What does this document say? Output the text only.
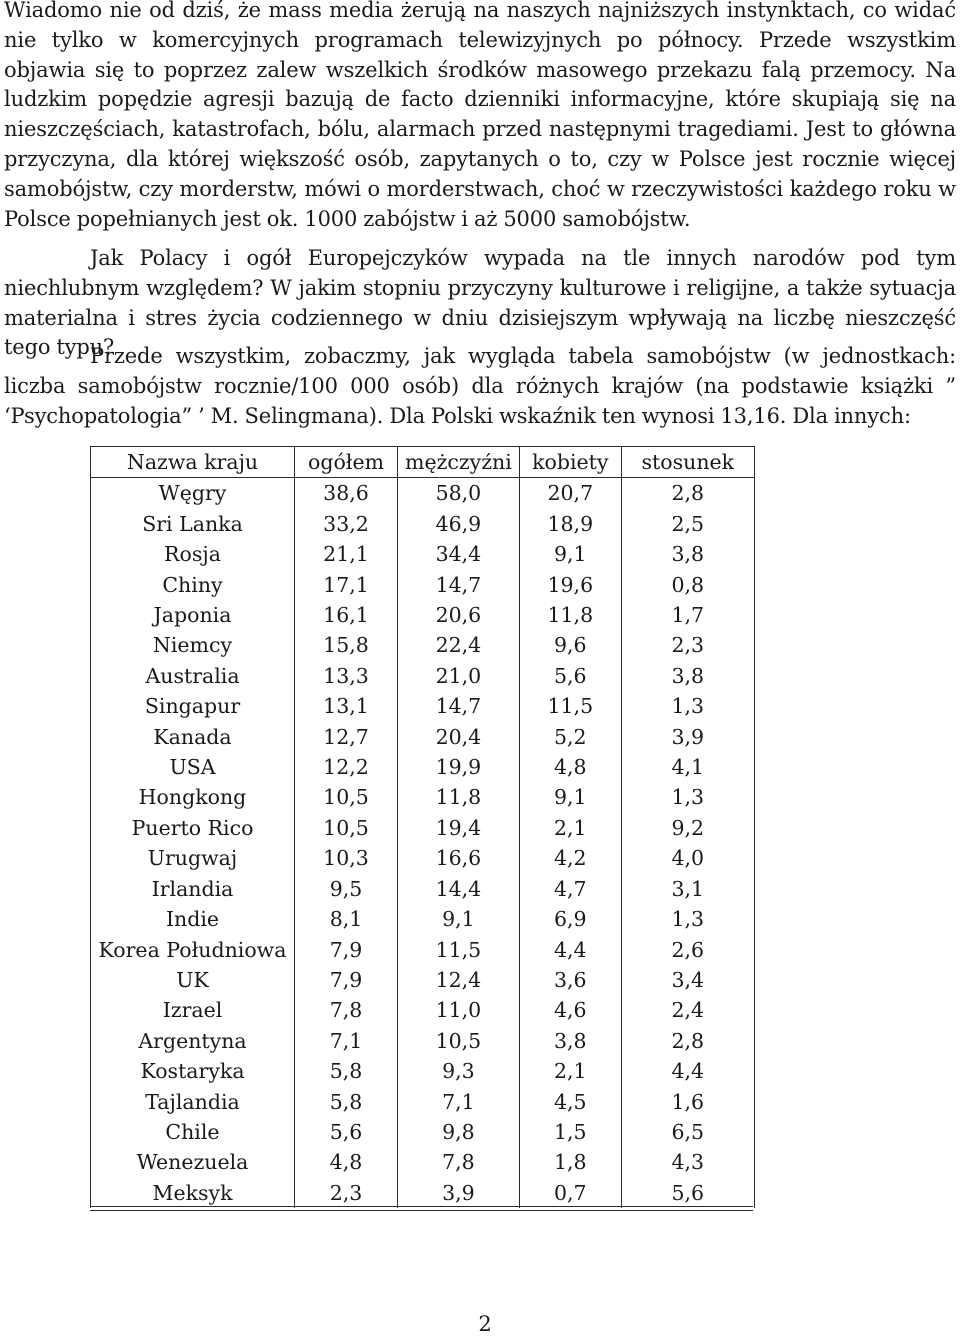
Wiadomo nie od dziś, że mass media żerują na naszych najniższych instynktach, co widać nie tylko w komercyjnych programach telewizyjnych po północy. Przede wszystkim objawia się to poprzez zalew wszelkich środków masowego przekazu falą przemocy. Na ludzkim popędzie agresji bazują de facto dzienniki informacyjne, które skupiają się na nieszczęściach, katastrofach, bólu, alarmach przed następnymi tragediami. Jest to główna przyczyna, dla której większość osób, zapytanych o to, czy w Polsce jest rocznie więcej samobójstw, czy morderstw, mówi o morderstwach, choć w rzeczywistości każdego roku w Polsce popełnianych jest ok. 1000 zabójstw i aż 5000 samobójstw.

Jak Polacy i ogół Europejczyków wypada na tle innych narodów pod tym niechlubnym względem? W jakim stopniu przyczyny kulturowe i religijne, a także sytuacja materialna i stres życia codziennego w dniu dzisiejszym wpływają na liczbę nieszczęść tego typu?

Przede wszystkim, zobaczmy, jak wygląda tabela samobójstw (w jednostkach: liczba samobójstw rocznie/100 000 osób) dla różnych krajów (na podstawie książki ” ‘Psychopatologia” ’ M. Selingmana). Dla Polski wskaźnik ten wynosi 13,16. Dla innych:

Nazwa kraju	ogółem	mężczyźni	kobiety	stosunek
Węgry	38,6	58,0	20,7	2,8
Sri Lanka	33,2	46,9	18,9	2,5
Rosja	21,1	34,4	9,1	3,8
Chiny	17,1	14,7	19,6	0,8
Japonia	16,1	20,6	11,8	1,7
Niemcy	15,8	22,4	9,6	2,3
Australia	13,3	21,0	5,6	3,8
Singapur	13,1	14,7	11,5	1,3
Kanada	12,7	20,4	5,2	3,9
USA	12,2	19,9	4,8	4,1
Hongkong	10,5	11,8	9,1	1,3
Puerto Rico	10,5	19,4	2,1	9,2
Urugwaj	10,3	16,6	4,2	4,0
Irlandia	9,5	14,4	4,7	3,1
Indie	8,1	9,1	6,9	1,3
Korea Południowa	7,9	11,5	4,4	2,6
UK	7,9	12,4	3,6	3,4
Izrael	7,8	11,0	4,6	2,4
Argentyna	7,1	10,5	3,8	2,8
Kostaryka	5,8	9,3	2,1	4,4
Tajlandia	5,8	7,1	4,5	1,6
Chile	5,6	9,8	1,5	6,5
Wenezuela	4,8	7,8	1,8	4,3
Meksyk	2,3	3,9	0,7	5,6
2
